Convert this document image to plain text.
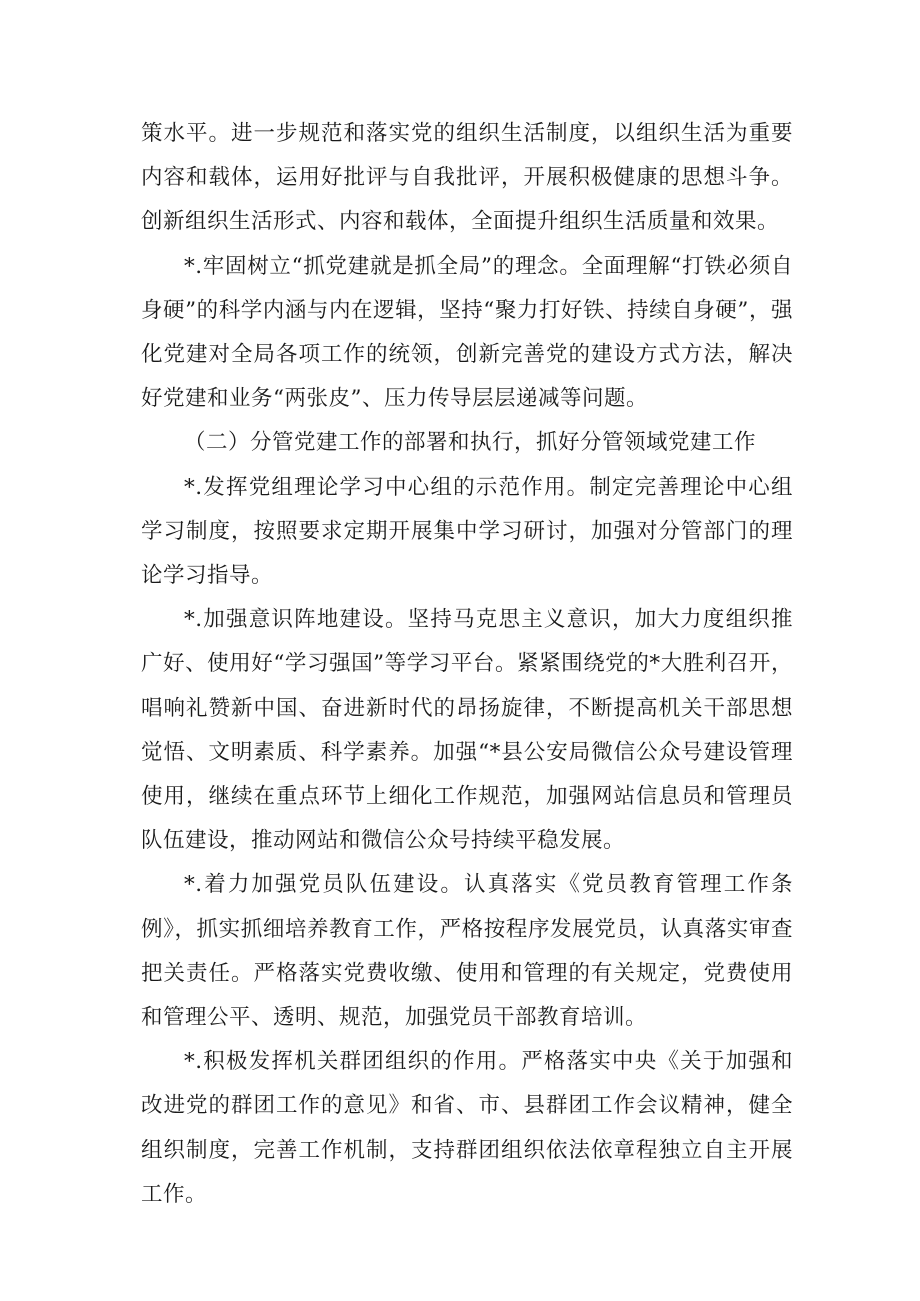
策水平。进一步规范和落实党的组织生活制度，以组织生活为重要内容和载体，运用好批评与自我批评，开展积极健康的思想斗争。创新组织生活形式、内容和载体，全面提升组织生活质量和效果。

*.牢固树立“抓党建就是抓全局”的理念。全面理解“打铁必须自身硬”的科学内涵与内在逻辑，坚持“聚力打好铁、持续自身硬”，强化党建对全局各项工作的统领，创新完善党的建设方式方法，解决好党建和业务“两张皮”、压力传导层层递减等问题。

（二）分管党建工作的部署和执行，抓好分管领域党建工作

*.发挥党组理论学习中心组的示范作用。制定完善理论中心组学习制度，按照要求定期开展集中学习研讨，加强对分管部门的理论学习指导。

*.加强意识阵地建设。坚持马克思主义意识，加大力度组织推广好、使用好“学习强国”等学习平台。紧紧围绕党的*大胜利召开，唱响礼赞新中国、奋进新时代的昂扬旋律，不断提高机关干部思想觉悟、文明素质、科学素养。加强“*县公安局微信公众号建设管理使用，继续在重点环节上细化工作规范，加强网站信息员和管理员队伍建设，推动网站和微信公众号持续平稳发展。

*.着力加强党员队伍建设。认真落实《党员教育管理工作条例》，抓实抓细培养教育工作，严格按程序发展党员，认真落实审查把关责任。严格落实党费收缴、使用和管理的有关规定，党费使用和管理公平、透明、规范，加强党员干部教育培训。

*.积极发挥机关群团组织的作用。严格落实中央《关于加强和改进党的群团工作的意见》和省、市、县群团工作会议精神，健全组织制度，完善工作机制，支持群团组织依法依章程独立自主开展工作。
